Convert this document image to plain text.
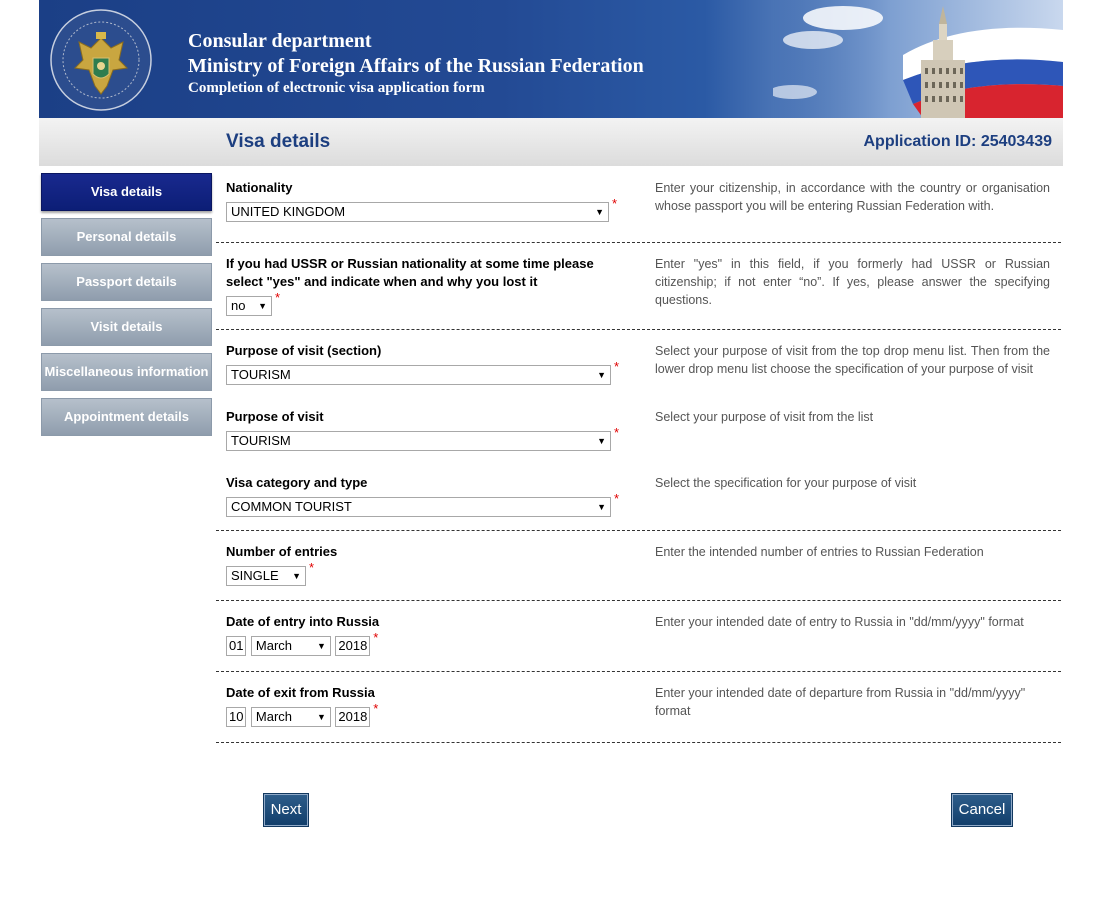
Consular department
Ministry of Foreign Affairs of the Russian Federation
Completion of electronic visa application form
Visa details	Application ID: 25403439
Visa details
Personal details
Passport details
Visit details
Miscellaneous information
Appointment details
Nationality
UNITED KINGDOM	▼
*
Enter your citizenship, in accordance with the country or organisation whose passport you will be entering Russian Federation with.
If you had USSR or Russian nationality at some time please select "yes" and indicate when and why you lost it
no ▼
*
Enter "yes" in this field, if you formerly had USSR or Russian citizenship; if not enter “no”. If yes, please answer the specifying questions.
Purpose of visit (section)
TOURISM	▼
*
Select your purpose of visit from the top drop menu list. Then from the lower drop menu list choose the specification of your purpose of visit
Purpose of visit
TOURISM	▼
*
Select your purpose of visit from the list
Visa category and type
COMMON TOURIST	▼
*
Select the specification for your purpose of visit
Number of entries
SINGLE ▼
*
Enter the intended number of entries to Russian Federation
Date of entry into Russia
01 March	▼ 2018*
Enter your intended date of entry to Russia in "dd/mm/yyyy" format
Date of exit from Russia
10 March	▼ 2018*
Enter your intended date of departure from Russia in "dd/mm/yyyy" format
Next	Cancel
